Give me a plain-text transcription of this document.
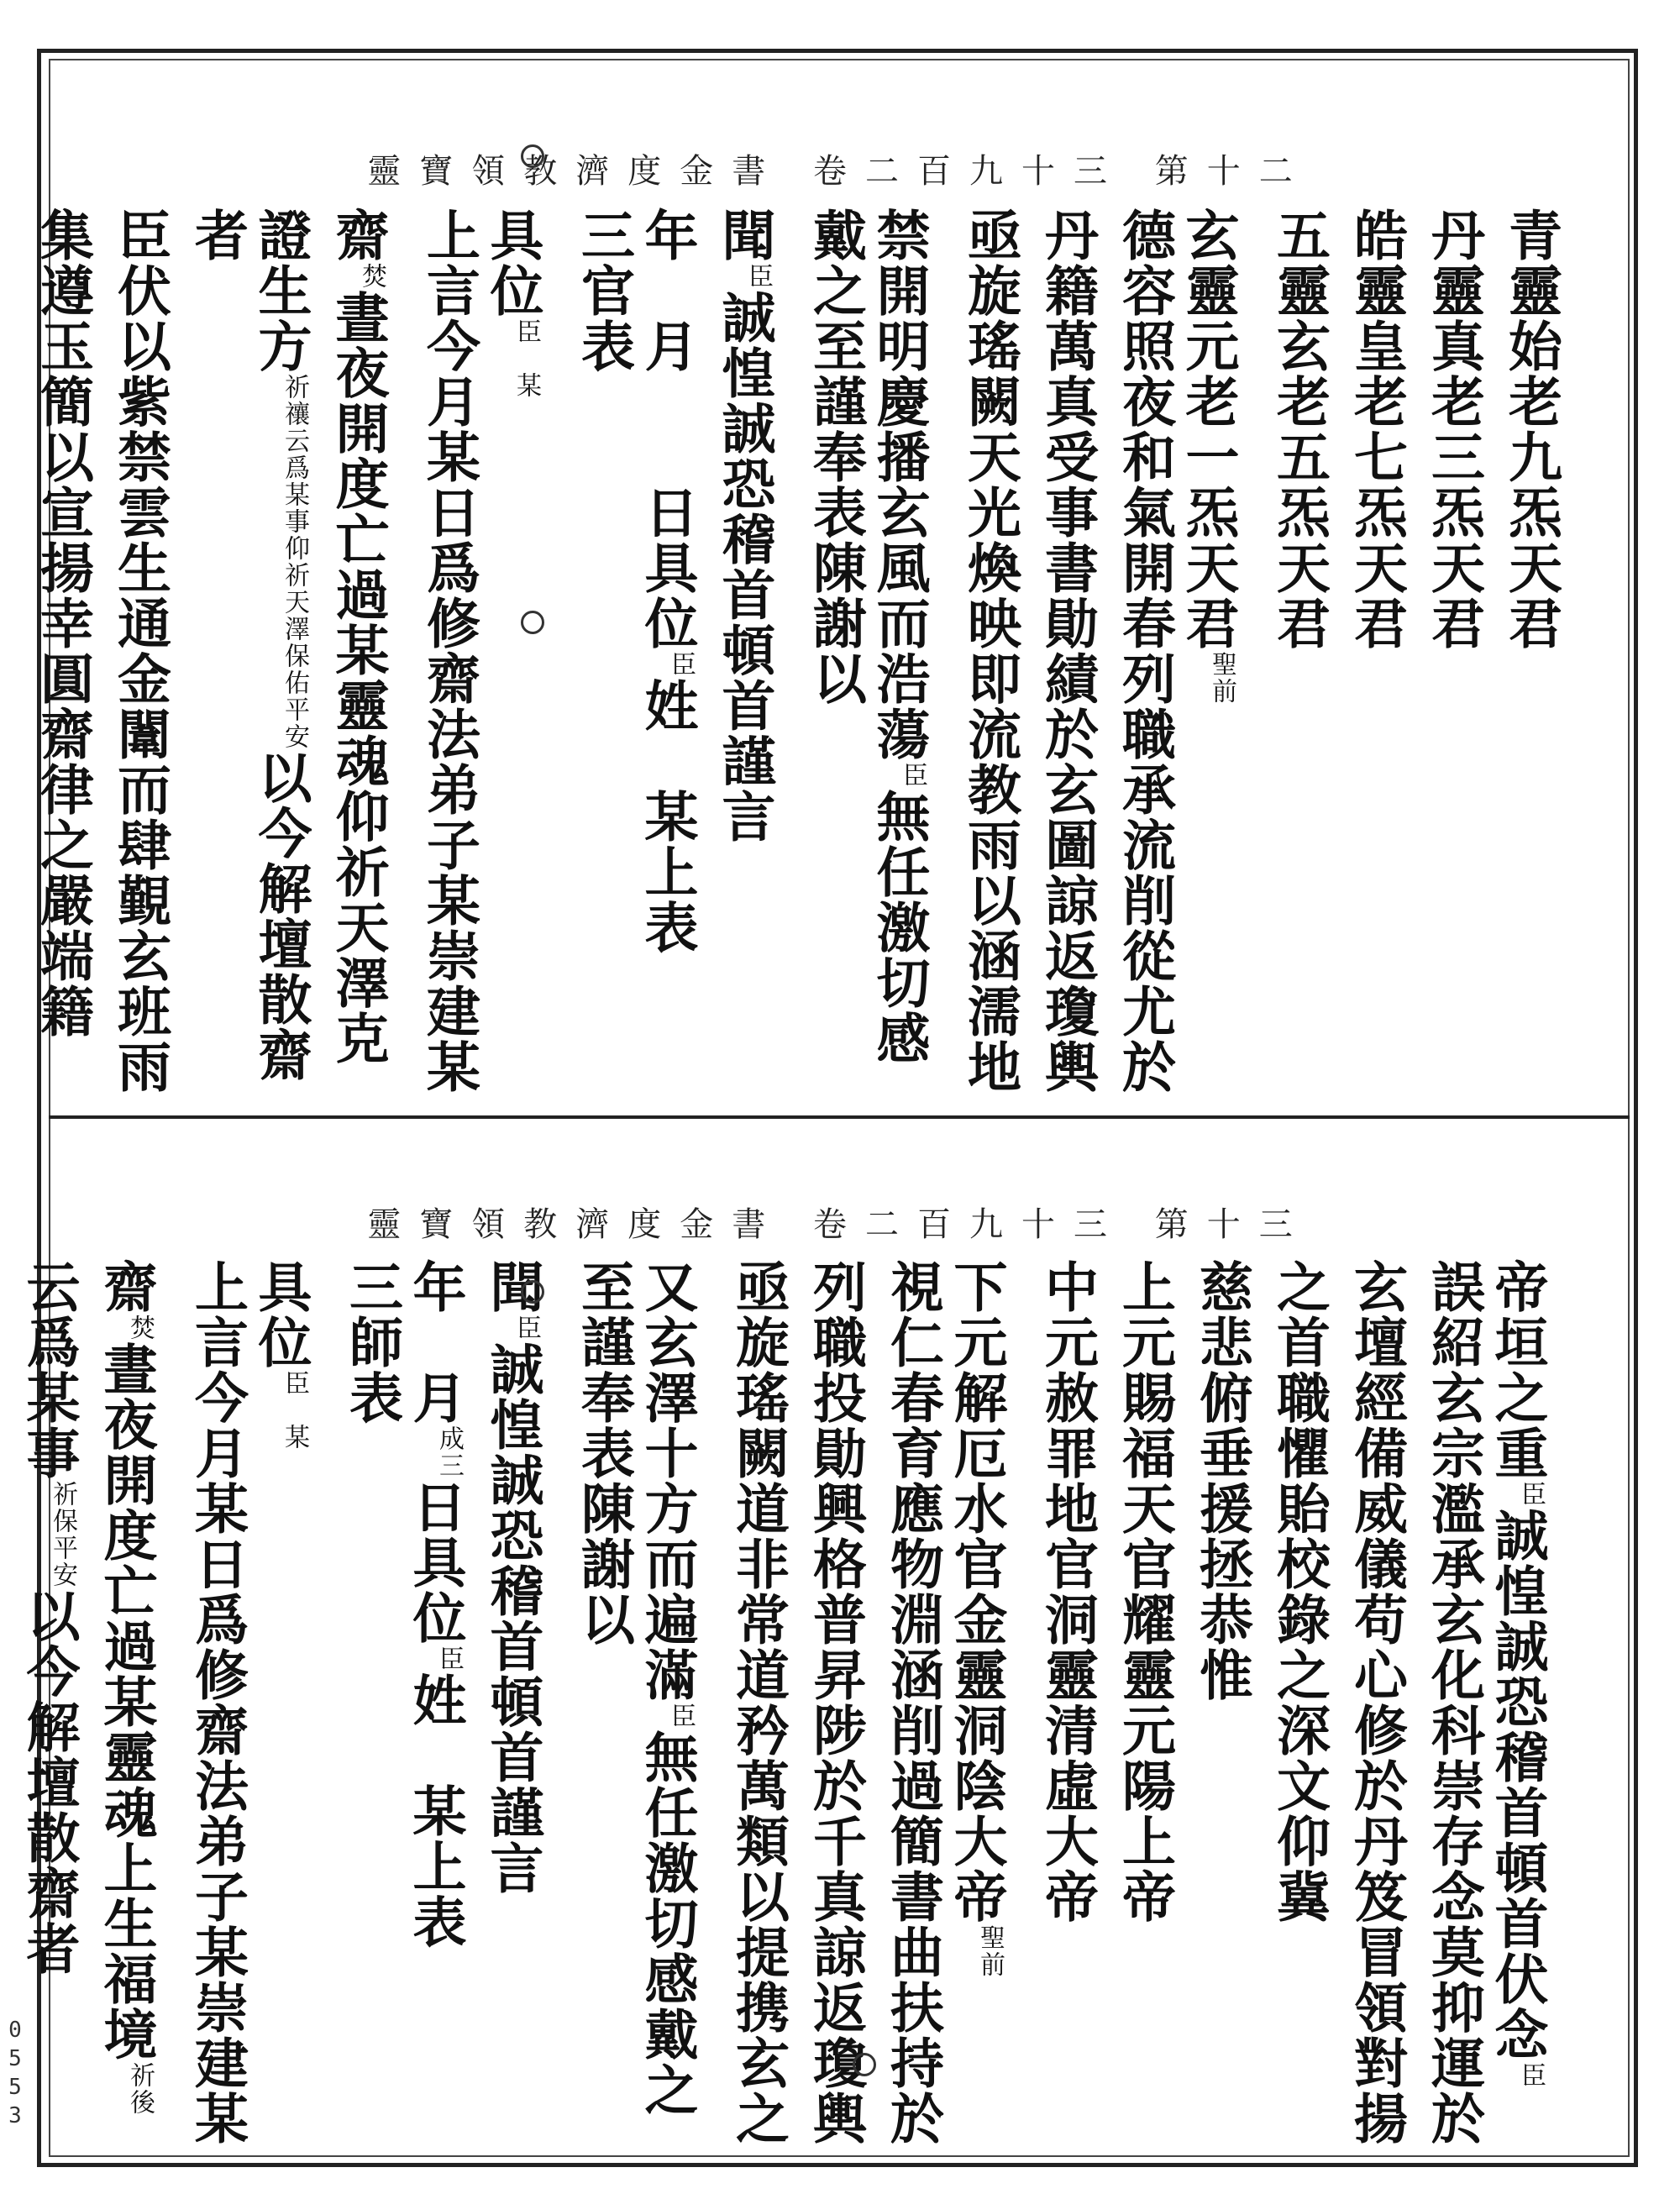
0
5
5
3
靈寶領教濟度金書 卷二百九十三 第十二
青靈始老九炁天君
丹靈真老三炁天君
皓靈皇老七炁天君
五靈玄老五炁天君
玄靈元老一炁天君聖前
德容照夜和氣開春列職承流削從尤於
丹籍萬真受事書勛績於玄圖諒返瓊輿
亟旋瑤闕天光煥映即流教雨以涵濡地
禁開明慶播玄風而浩蕩臣無任激切感
戴之至謹奉表陳謝以
聞臣誠惶誠恐稽首頓首謹言
年　月　　日具位臣姓　某上表
三官表
具位臣　某
上言今月某日爲修齋法弟子某崇建某
齋焚晝夜開度亡過某靈魂仰祈天澤克
證生方祈禳云爲某事仰祈天澤保佑平安以今解壇散齋
者
臣伏以紫禁雲生通金闈而肆覲玄班雨
集遵玉簡以宣揚幸圓齋律之嚴端籍
靈寶領教濟度金書 卷二百九十三 第十三
帝垣之重臣誠惶誠恐稽首頓首伏念臣
誤紹玄宗濫承玄化科崇存念莫抑運於
玄壇經備威儀苟心修於丹笈冒領對揚
之首職懼貽校錄之深文仰冀
慈悲俯垂援拯恭惟
上元賜福天官耀靈元陽上帝
中元赦罪地官洞靈清虛大帝
下元解厄水官金靈洞陰大帝聖前
視仁春育應物淵涵削過簡書曲扶持於
列職投勛興格普昇陟於千真諒返瓊輿
亟旋瑤闕道非常道矜萬類以提携玄之
又玄澤十方而遍滿臣無任激切感戴之
至謹奉表陳謝以
聞臣誠惶誠恐稽首頓首謹言
年　月成三日具位臣姓　某上表
三師表
具位臣　某
上言今月某日爲修齋法弟子某崇建某
齋焚晝夜開度亡過某靈魂上生福境祈後
云爲某事祈保平安以今解壇散齋者
